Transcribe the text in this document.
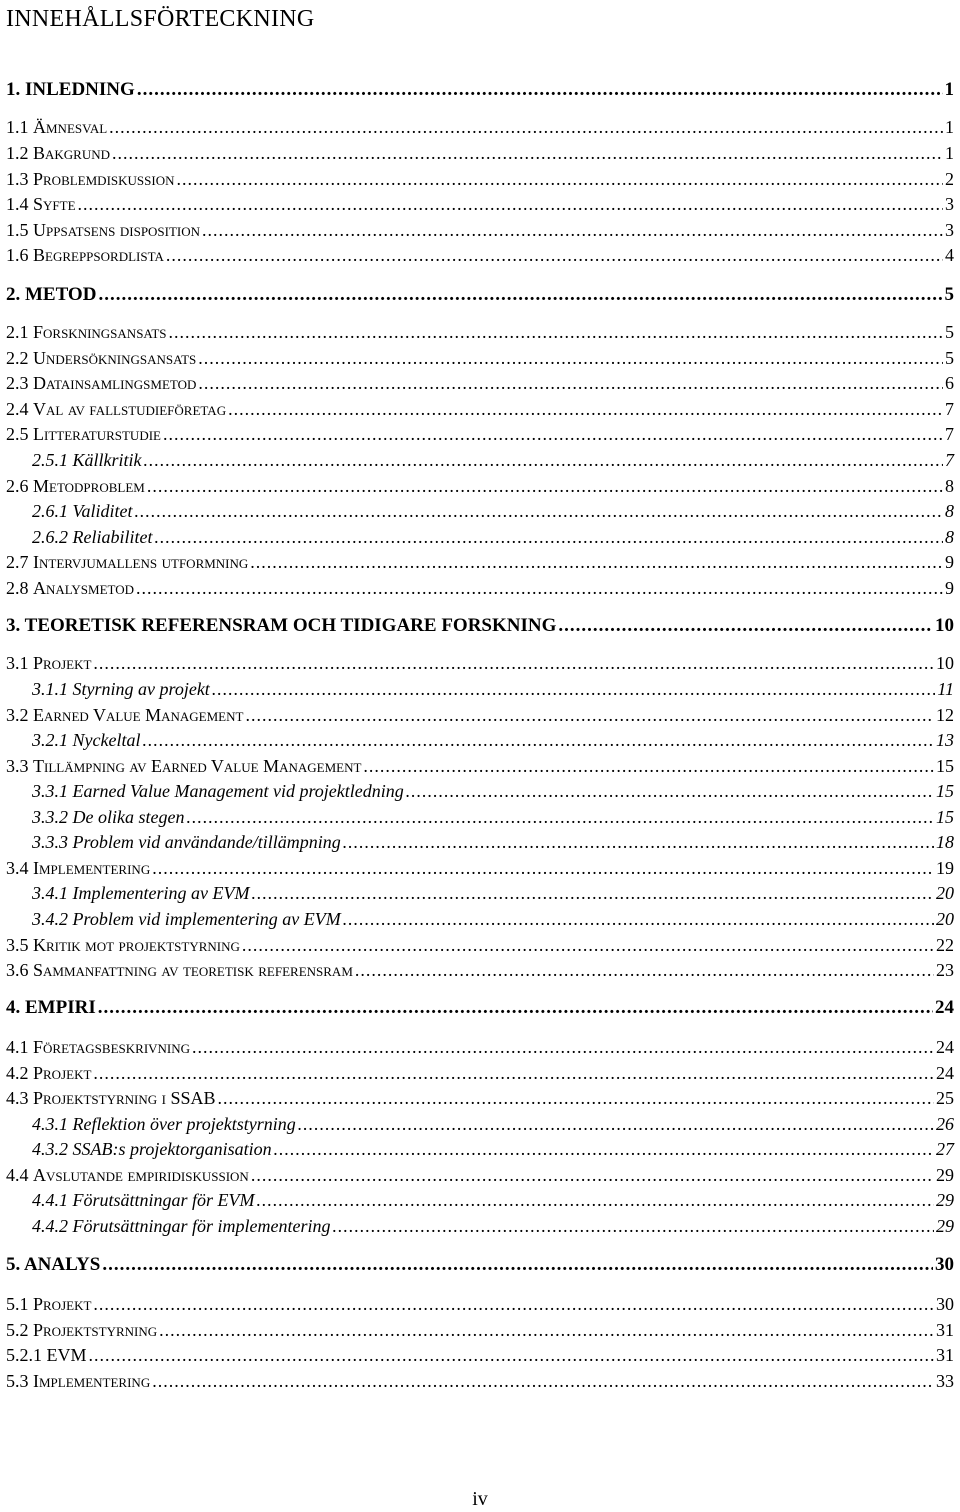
INNEHÅLLSFÖRTECKNING
1. INLEDNING .....	1
1.1 Ämnesval .....	1
1.2 Bakgrund .....	1
1.3 Problemdiskussion .....	2
1.4 Syfte .....	3
1.5 Uppsatsens disposition .....	3
1.6 Begreppsordlista .....	4
2. METOD .....	5
2.1 Forskningsansats .....	5
2.2 Undersökningsansats .....	5
2.3 Datainsamlingsmetod .....	6
2.4 Val av fallstudieföretag .....	7
2.5 Litteraturstudie .....	7
2.5.1 Källkritik .....	7
2.6 Metodproblem .....	8
2.6.1 Validitet .....	8
2.6.2 Reliabilitet .....	8
2.7 Intervjumallens utformning .....	9
2.8 Analysmetod .....	9
3. TEORETISK REFERENSRAM OCH TIDIGARE FORSKNING .....	10
3.1 Projekt .....	10
3.1.1 Styrning av projekt .....	11
3.2 Earned Value Management .....	12
3.2.1 Nyckeltal .....	13
3.3 Tillämpning av Earned Value Management .....	15
3.3.1 Earned Value Management vid projektledning .....	15
3.3.2 De olika stegen .....	15
3.3.3 Problem vid användande/tillämpning .....	18
3.4 Implementering .....	19
3.4.1 Implementering av EVM .....	20
3.4.2 Problem vid implementering av EVM .....	20
3.5 Kritik mot projektstyrning .....	22
3.6 Sammanfattning av teoretisk referensram .....	23
4. EMPIRI .....	24
4.1 Företagsbeskrivning .....	24
4.2 Projekt .....	24
4.3 Projektstyrning i SSAB .....	25
4.3.1 Reflektion över projektstyrning .....	26
4.3.2 SSAB:s projektorganisation .....	27
4.4 Avslutande empiridiskussion .....	29
4.4.1 Förutsättningar för EVM .....	29
4.4.2 Förutsättningar för implementering .....	29
5. ANALYS .....	30
5.1 Projekt .....	30
5.2 Projektstyrning .....	31
5.2.1 EVM .....	31
5.3 Implementering .....	33
iv
